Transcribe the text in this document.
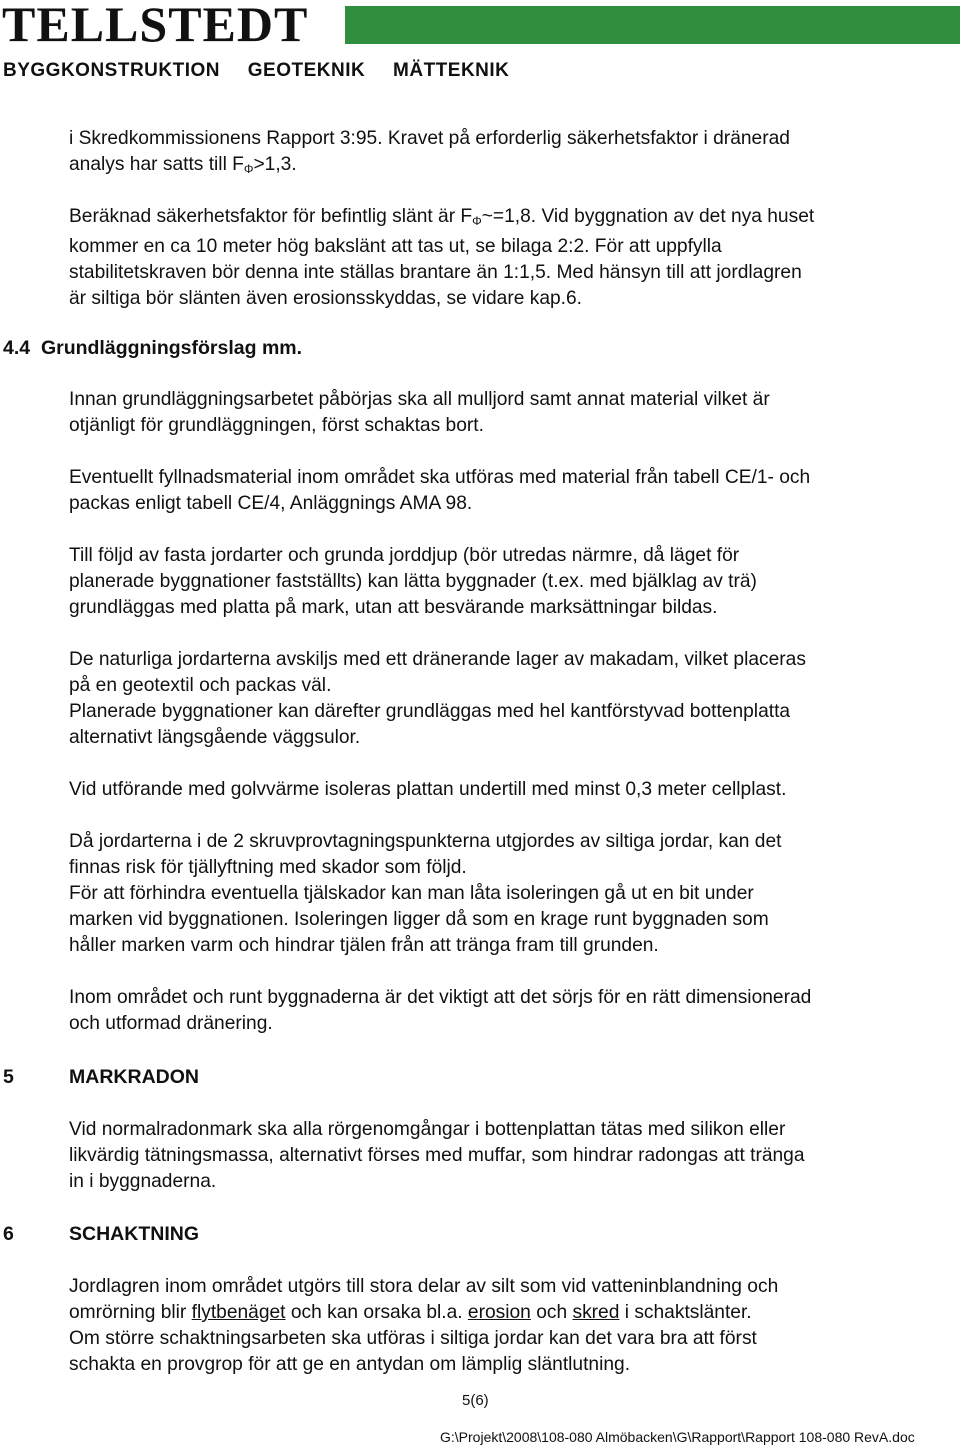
TELLSTEDT
BYGGKONSTRUKTION GEOTEKNIK MÄTTEKNIK
i Skredkommissionens Rapport 3:95. Kravet på erforderlig säkerhetsfaktor i dränerad
analys har satts till $F_\Phi>1,3$.
Beräknad säkerhetsfaktor för befintlig slänt är $F_\Phi\sim=1,8$. Vid byggnation av det nya huset
kommer en ca 10 meter hög bakslänt att tas ut, se bilaga 2:2. För att uppfylla
stabilitetskraven bör denna inte ställas brantare än 1:1,5. Med hänsyn till att jordlagren
är siltiga bör slänten även erosionsskyddas, se vidare kap.6.
4.4  Grundläggningsförslag mm.
Innan grundläggningsarbetet påbörjas ska all mulljord samt annat material vilket är
otjänligt för grundläggningen, först schaktas bort.
Eventuellt fyllnadsmaterial inom området ska utföras med material från tabell CE/1- och
packas enligt tabell CE/4, Anläggnings AMA 98.
Till följd av fasta jordarter och grunda jorddjup (bör utredas närmre, då läget för
planerade byggnationer fastställts) kan lätta byggnader (t.ex. med bjälklag av trä)
grundläggas med platta på mark, utan att besvärande marksättningar bildas.
De naturliga jordarterna avskiljs med ett dränerande lager av makadam, vilket placeras
på en geotextil och packas väl.
Planerade byggnationer kan därefter grundläggas med hel kantförstyvad bottenplatta
alternativt längsgående väggsulor.
Vid utförande med golvvärme isoleras plattan undertill med minst 0,3 meter cellplast.
Då jordarterna i de 2 skruvprovtagningspunkterna utgjordes av siltiga jordar, kan det
finnas risk för tjällyftning med skador som följd.
För att förhindra eventuella tjälskador kan man låta isoleringen gå ut en bit under
marken vid byggnationen. Isoleringen ligger då som en krage runt byggnaden som
håller marken varm och hindrar tjälen från att tränga fram till grunden.
Inom området och runt byggnaderna är det viktigt att det sörjs för en rätt dimensionerad
och utformad dränering.
5	MARKRADON
Vid normalradonmark ska alla rörgenomgångar i bottenplattan tätas med silikon eller
likvärdig tätningsmassa, alternativt förses med muffar, som hindrar radongas att tränga
in i byggnaderna.
6	SCHAKTNING
Jordlagren inom området utgörs till stora delar av silt som vid vatteninblandning och
omrörning blir flytbenäget och kan orsaka bl.a. erosion och skred i schaktslänter.
Om större schaktningsarbeten ska utföras i siltiga jordar kan det vara bra att först
schakta en provgrop för att ge en antydan om lämplig släntlutning.
5(6)
G:\Projekt\2008\108-080 Almöbacken\G\Rapport\Rapport 108-080 RevA.doc
